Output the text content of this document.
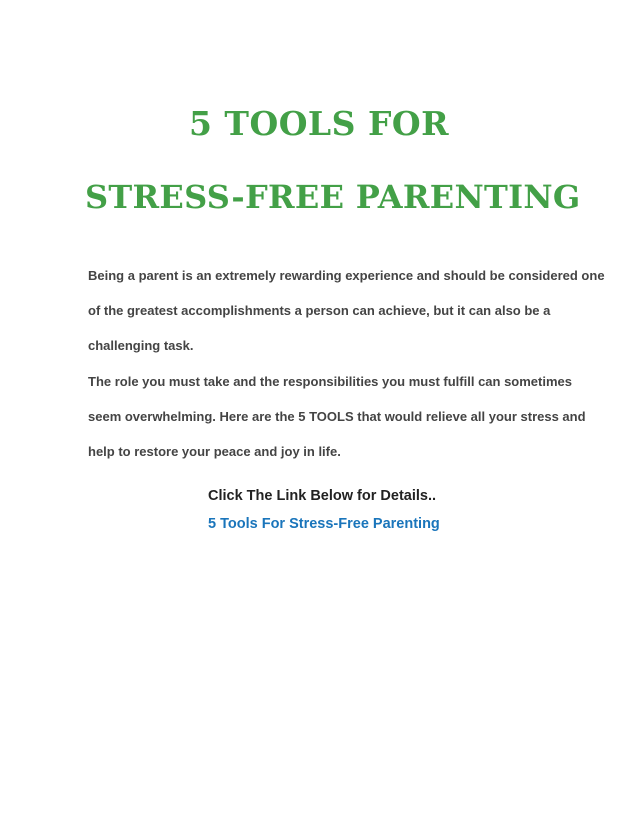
5 TOOLS FOR
STRESS-FREE PARENTING

Being a parent is an extremely rewarding experience and should be considered one of the greatest accomplishments a person can achieve, but it can also be a challenging task.

The role you must take and the responsibilities you must fulfill can sometimes seem overwhelming. Here are the 5 TOOLS that would relieve all your stress and help to restore your peace and joy in life.

Click The Link Below for Details..
5 Tools For Stress-Free Parenting
